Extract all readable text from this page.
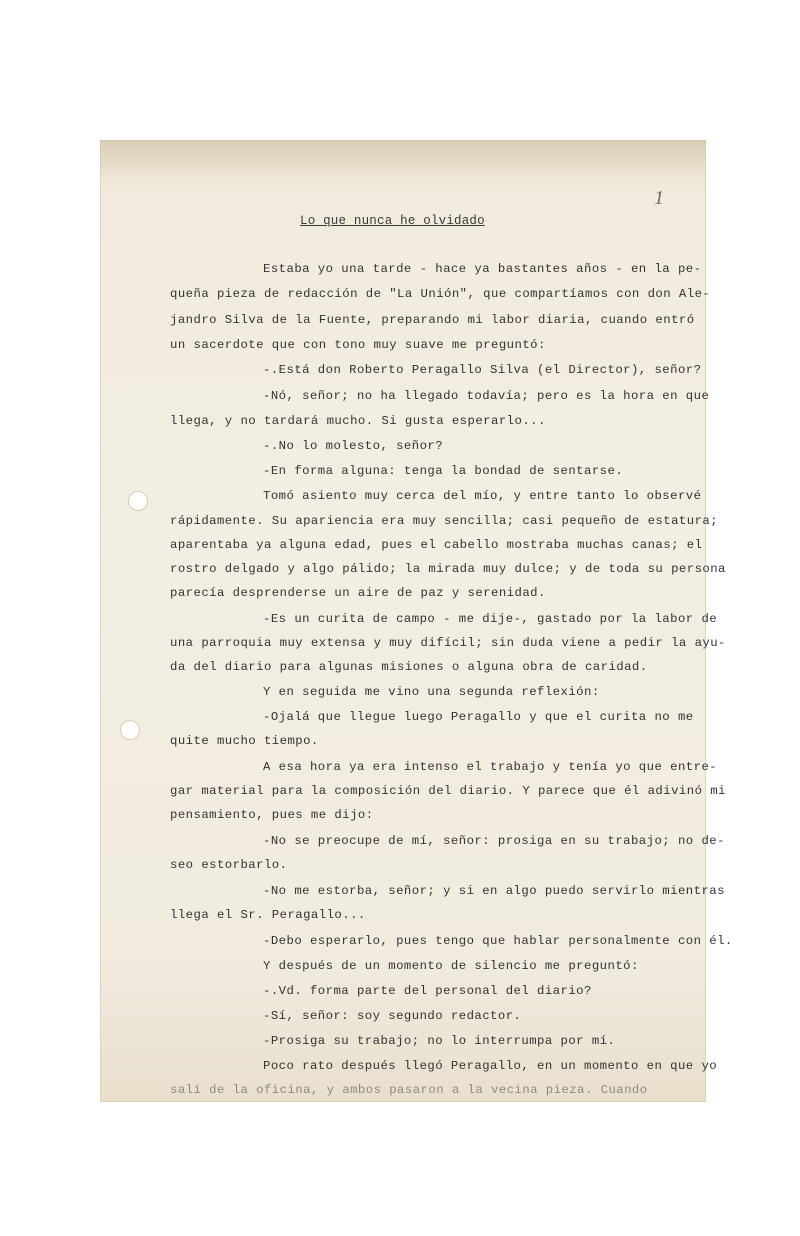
1
Lo que nunca he olvidado
Estaba yo una tarde - hace ya bastantes años - en la pe-
queña pieza de redacción de "La Unión", que compartíamos con don Ale-
jandro Silva de la Fuente, preparando mi labor diaria, cuando entró
un sacerdote que con tono muy suave me preguntó:
-.Está don Roberto Peragallo Silva (el Director), señor?
-Nó, señor; no ha llegado todavía; pero es la hora en que
llega, y no tardará mucho. Si gusta esperarlo...
-.No lo molesto, señor?
-En forma alguna: tenga la bondad de sentarse.
Tomó asiento muy cerca del mío, y entre tanto lo observé
rápidamente. Su apariencia era muy sencilla; casi pequeño de estatura;
aparentaba ya alguna edad, pues el cabello mostraba muchas canas; el
rostro delgado y algo pálido; la mirada muy dulce; y de toda su persona
parecía desprenderse un aire de paz y serenidad.
-Es un curita de campo - me dije-, gastado por la labor de
una parroquia muy extensa y muy difícil; sin duda viene a pedir la ayu-
da del diario para algunas misiones o alguna obra de caridad.
Y en seguida me vino una segunda reflexión:
-Ojalá que llegue luego Peragallo y que el curita no me
quite mucho tiempo.
A esa hora ya era intenso el trabajo y tenía yo que entre-
gar material para la composición del diario. Y parece que él adivinó mi
pensamiento, pues me dijo:
-No se preocupe de mí, señor: prosiga en su trabajo; no de-
seo estorbarlo.
-No me estorba, señor; y si en algo puedo servirlo mientras
llega el Sr. Peragallo...
-Debo esperarlo, pues tengo que hablar personalmente con él.
Y después de un momento de silencio me preguntó:
-.Vd. forma parte del personal del diario?
-Sí, señor: soy segundo redactor.
-Prosiga su trabajo; no lo interrumpa por mí.
Poco rato después llegó Peragallo, en un momento en que yo
salí de la oficina, y ambos pasaron a la vecina pieza. Cuando
